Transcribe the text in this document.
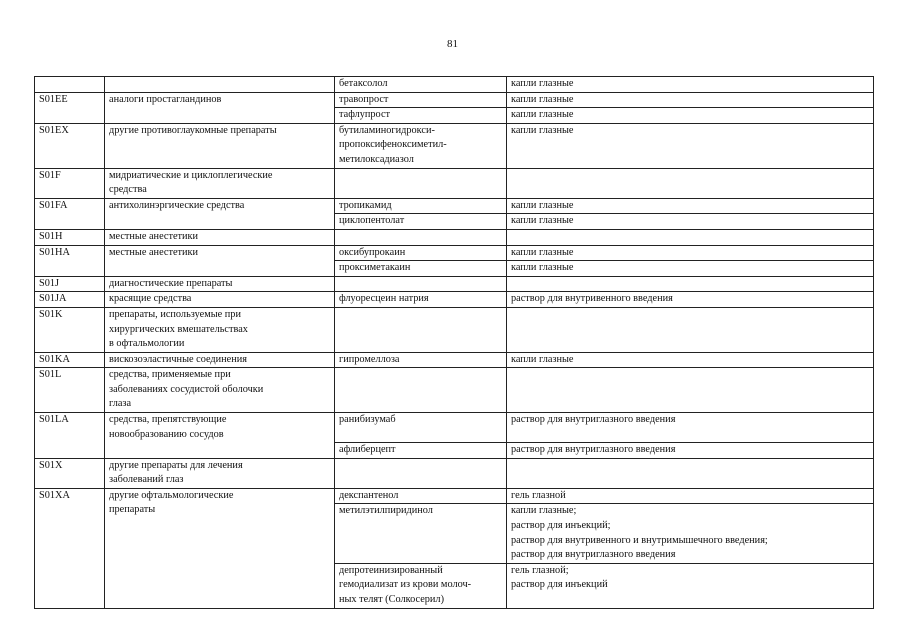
81
		бетаксолол	капли глазные
S01EE	аналоги простагландинов	травопрост	капли глазные
		тафлупрост	капли глазные
S01EX	другие противоглаукомные препараты	бутиламиногидрокси-
пропоксифеноксиметил-
метилоксадиазол	капли глазные
S01F	мидриатические и циклоплегические
средства		
S01FA	антихолинэргические средства	тропикамид	капли глазные
		циклопентолат	капли глазные
S01H	местные анестетики		
S01HA	местные анестетики	оксибупрокаин	капли глазные
		проксиметакаин	капли глазные
S01J	диагностические препараты		
S01JA	красящие средства	флуоресцеин натрия	раствор для внутривенного введения
S01K	препараты, используемые при
хирургических вмешательствах
в офтальмологии		
S01KA	вискозоэластичные соединения	гипромеллоза	капли глазные
S01L	средства, применяемые при
заболеваниях сосудистой оболочки
глаза		
S01LA	средства, препятствующие
новообразованию сосудов	ранибизумаб	раствор для внутриглазного введения
		афлиберцепт	раствор для внутриглазного введения
S01X	другие препараты для лечения
заболеваний глаз		
S01XA	другие офтальмологические
препараты	декспантенол	гель глазной
		метилэтилпиридинол	капли глазные;
раствор для инъекций;
раствор для внутривенного и внутримышечного введения;
раствор для внутриглазного введения
		депротеинизированный
гемодиализат из крови молоч-
ных телят (Солкосерил)	гель глазной;
раствор для инъекций
